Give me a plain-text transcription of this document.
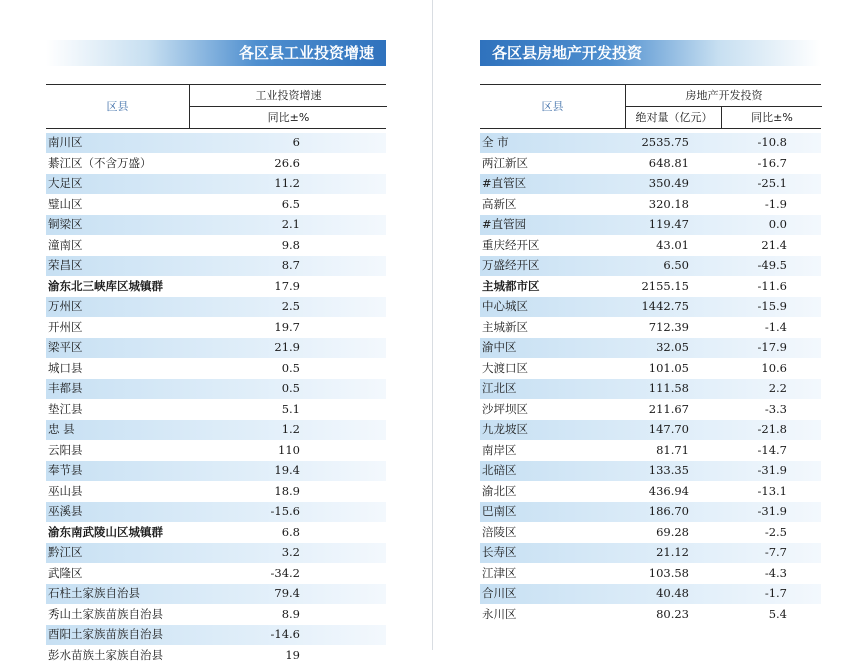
各区县工业投资增速
区县
工业投资增速
同比±%
南川区	6
綦江区（不含万盛）	26.6
大足区	11.2
璧山区	6.5
铜梁区	2.1
潼南区	9.8
荣昌区	8.7
渝东北三峡库区城镇群	17.9
万州区	2.5
开州区	19.7
梁平区	21.9
城口县	0.5
丰都县	0.5
垫江县	5.1
忠 县	1.2
云阳县	110
奉节县	19.4
巫山县	18.9
巫溪县	-15.6
渝东南武陵山区城镇群	6.8
黔江区	3.2
武隆区	-34.2
石柱土家族自治县	79.4
秀山土家族苗族自治县	8.9
酉阳土家族苗族自治县	-14.6
彭水苗族土家族自治县	19
各区县房地产开发投资
区县
房地产开发投资
绝对量（亿元）	同比±%
全 市	2535.75	-10.8
两江新区	648.81	-16.7
#直管区	350.49	-25.1
高新区	320.18	-1.9
#直管园	119.47	0.0
重庆经开区	43.01	21.4
万盛经开区	6.50	-49.5
主城都市区	2155.15	-11.6
中心城区	1442.75	-15.9
主城新区	712.39	-1.4
渝中区	32.05	-17.9
大渡口区	101.05	10.6
江北区	111.58	2.2
沙坪坝区	211.67	-3.3
九龙坡区	147.70	-21.8
南岸区	81.71	-14.7
北碚区	133.35	-31.9
渝北区	436.94	-13.1
巴南区	186.70	-31.9
涪陵区	69.28	-2.5
长寿区	21.12	-7.7
江津区	103.58	-4.3
合川区	40.48	-1.7
永川区	80.23	5.4
